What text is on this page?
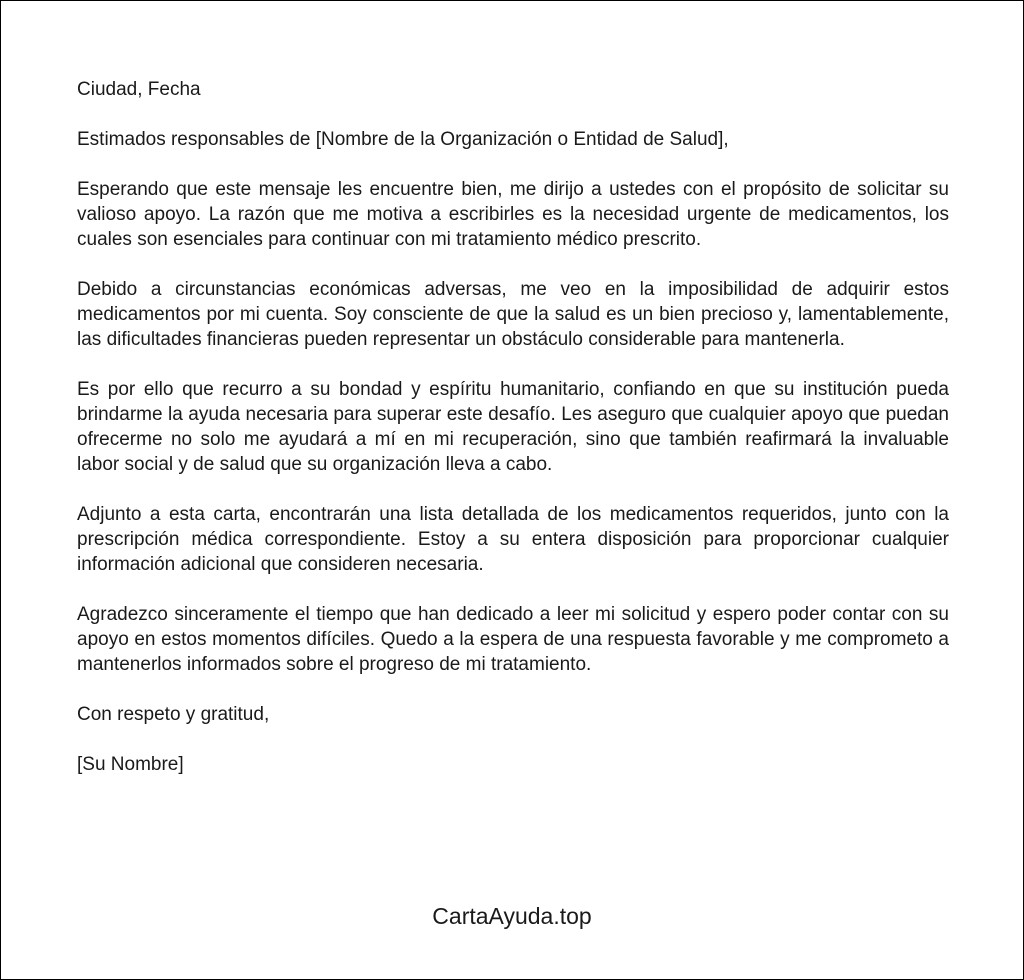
Ciudad, Fecha

Estimados responsables de [Nombre de la Organización o Entidad de Salud],

Esperando que este mensaje les encuentre bien, me dirijo a ustedes con el propósito de solicitar su valioso apoyo. La razón que me motiva a escribirles es la necesidad urgente de medicamentos, los cuales son esenciales para continuar con mi tratamiento médico prescrito.

Debido a circunstancias económicas adversas, me veo en la imposibilidad de adquirir estos medicamentos por mi cuenta. Soy consciente de que la salud es un bien precioso y, lamentablemente, las dificultades financieras pueden representar un obstáculo considerable para mantenerla.

Es por ello que recurro a su bondad y espíritu humanitario, confiando en que su institución pueda brindarme la ayuda necesaria para superar este desafío. Les aseguro que cualquier apoyo que puedan ofrecerme no solo me ayudará a mí en mi recuperación, sino que también reafirmará la invaluable labor social y de salud que su organización lleva a cabo.

Adjunto a esta carta, encontrarán una lista detallada de los medicamentos requeridos, junto con la prescripción médica correspondiente. Estoy a su entera disposición para proporcionar cualquier información adicional que consideren necesaria.

Agradezco sinceramente el tiempo que han dedicado a leer mi solicitud y espero poder contar con su apoyo en estos momentos difíciles. Quedo a la espera de una respuesta favorable y me comprometo a mantenerlos informados sobre el progreso de mi tratamiento.

Con respeto y gratitud,

[Su Nombre]

CartaAyuda.top
